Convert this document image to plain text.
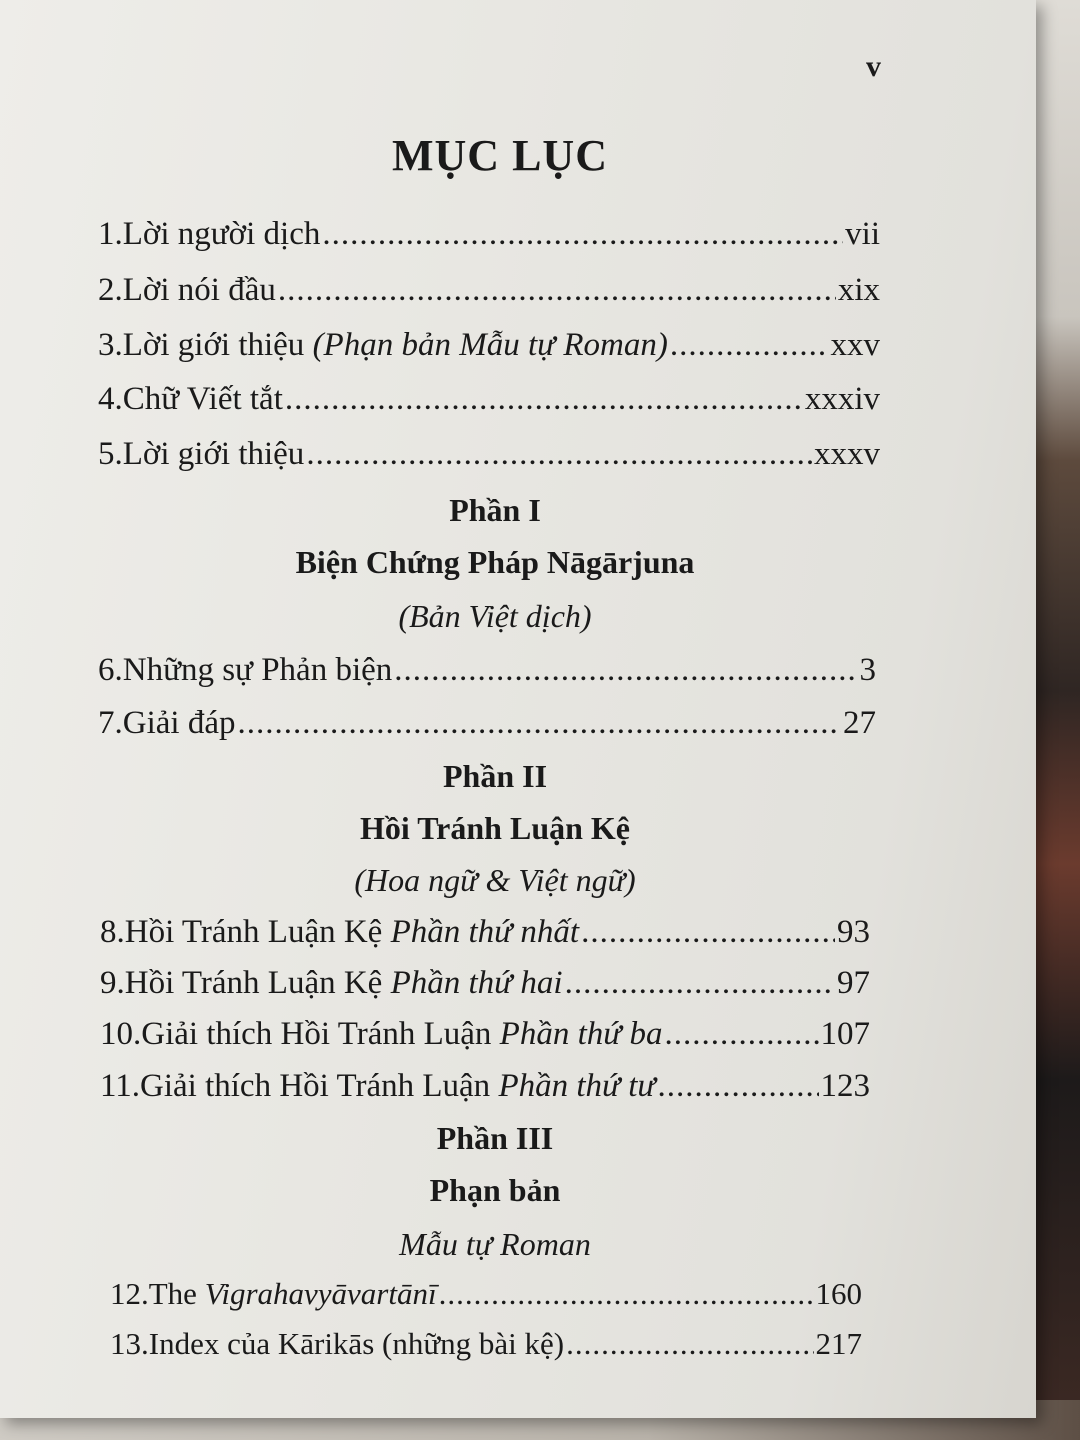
v
MỤC LỤC
1. Lời người dịch .....	vii
2. Lời nói đầu .....	xix
3. Lời giới thiệu (Phạn bản Mẫu tự Roman) .....	xxv
4. Chữ Viết tắt .....	xxxiv
5. Lời giới thiệu .....	xxxv
Phần I
Biện Chứng Pháp Nāgārjuna
(Bản Việt dịch)
6. Những sự Phản biện .....	3
7. Giải đáp .....	27
Phần II
Hồi Tránh Luận Kệ
(Hoa ngữ & Việt ngữ)
8. Hồi Tránh Luận Kệ Phần thứ nhất .....	93
9. Hồi Tránh Luận Kệ Phần thứ hai .....	97
10. Giải thích Hồi Tránh Luận Phần thứ ba .....	107
11. Giải thích Hồi Tránh Luận Phần thứ tư .....	123
Phần III
Phạn bản
Mẫu tự Roman
12. The Vigrahavyāvartānī .....	160
13. Index của Kārikās (những bài kệ) .....	217
